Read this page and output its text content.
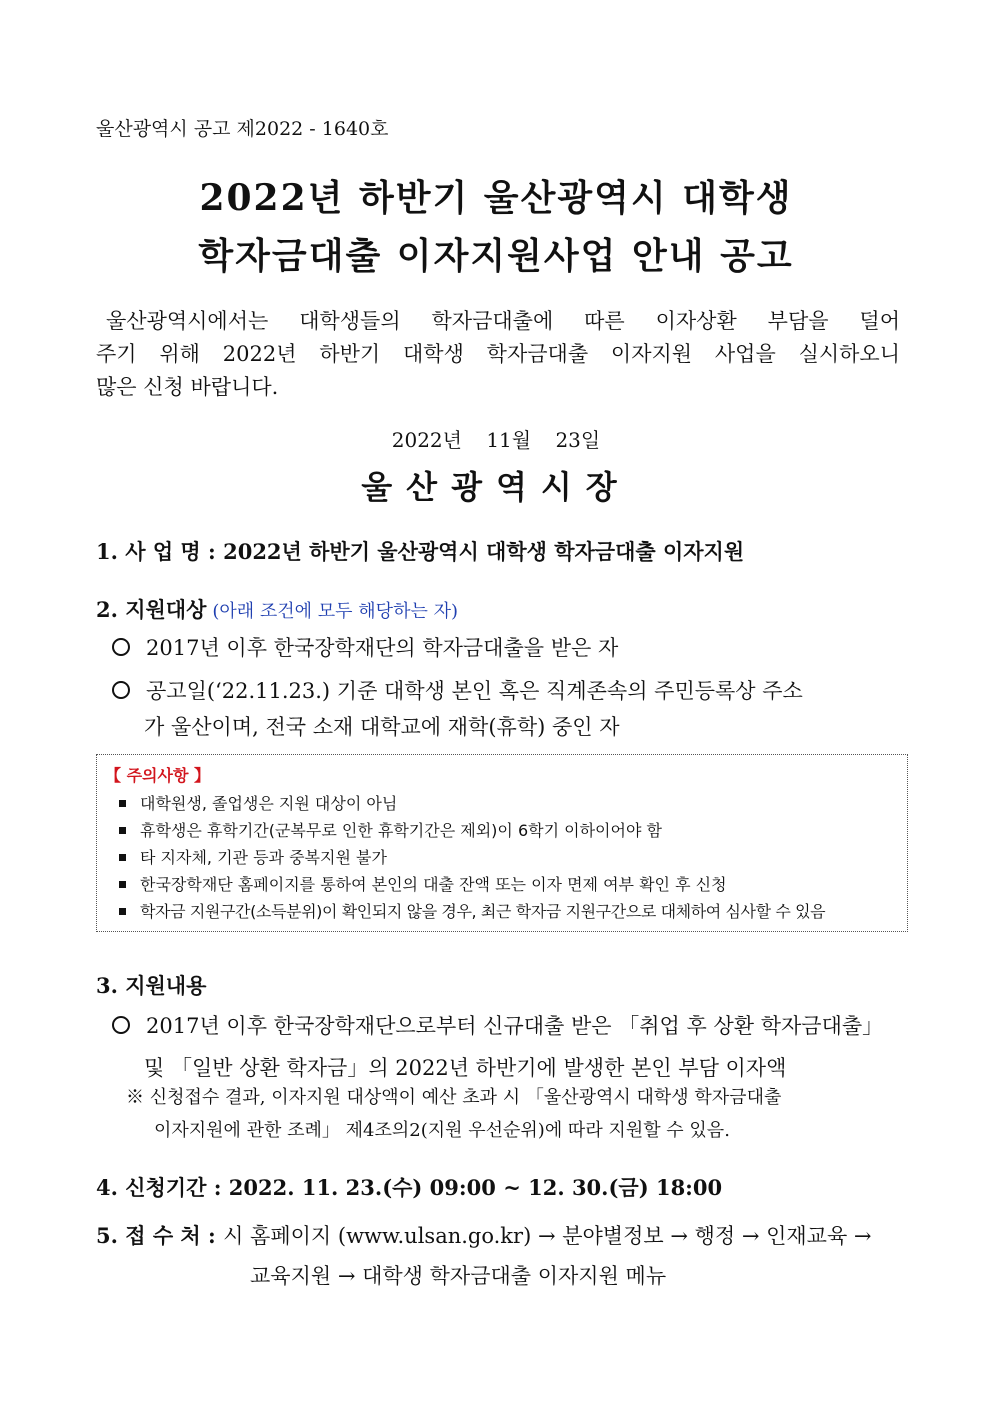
울산광역시 공고 제2022 - 1640호
2022년 하반기 울산광역시 대학생
학자금대출 이자지원사업 안내 공고
울산광역시에서는 대학생들의 학자금대출에 따른 이자상환 부담을 덜어
주기 위해 2022년 하반기 대학생 학자금대출 이자지원 사업을 실시하오니
많은 신청 바랍니다.
2022년 11월 23일
울산광역시장
1. 사 업 명 : 2022년 하반기 울산광역시 대학생 학자금대출 이자지원
2. 지원대상 (아래 조건에 모두 해당하는 자)
2017년 이후 한국장학재단의 학자금대출을 받은 자
공고일(‘22.11.23.) 기준 대학생 본인 혹은 직계존속의 주민등록상 주소
가 울산이며, 전국 소재 대학교에 재학(휴학) 중인 자
【 주의사항 】
대학원생, 졸업생은 지원 대상이 아님
휴학생은 휴학기간(군복무로 인한 휴학기간은 제외)이 6학기 이하이어야 함
타 지자체, 기관 등과 중복지원 불가
한국장학재단 홈페이지를 통하여 본인의 대출 잔액 또는 이자 면제 여부 확인 후 신청
학자금 지원구간(소득분위)이 확인되지 않을 경우, 최근 학자금 지원구간으로 대체하여 심사할 수 있음
3. 지원내용
2017년 이후 한국장학재단으로부터 신규대출 받은 「취업 후 상환 학자금대출」
및 「일반 상환 학자금」의 2022년 하반기에 발생한 본인 부담 이자액
※ 신청접수 결과, 이자지원 대상액이 예산 초과 시 「울산광역시 대학생 학자금대출
이자지원에 관한 조례」 제4조의2(지원 우선순위)에 따라 지원할 수 있음.
4. 신청기간 : 2022. 11. 23.(수) 09:00 ~ 12. 30.(금) 18:00
5. 접 수 처 : 시 홈페이지 (www.ulsan.go.kr) → 분야별정보 → 행정 → 인재교육 →
교육지원 → 대학생 학자금대출 이자지원 메뉴
